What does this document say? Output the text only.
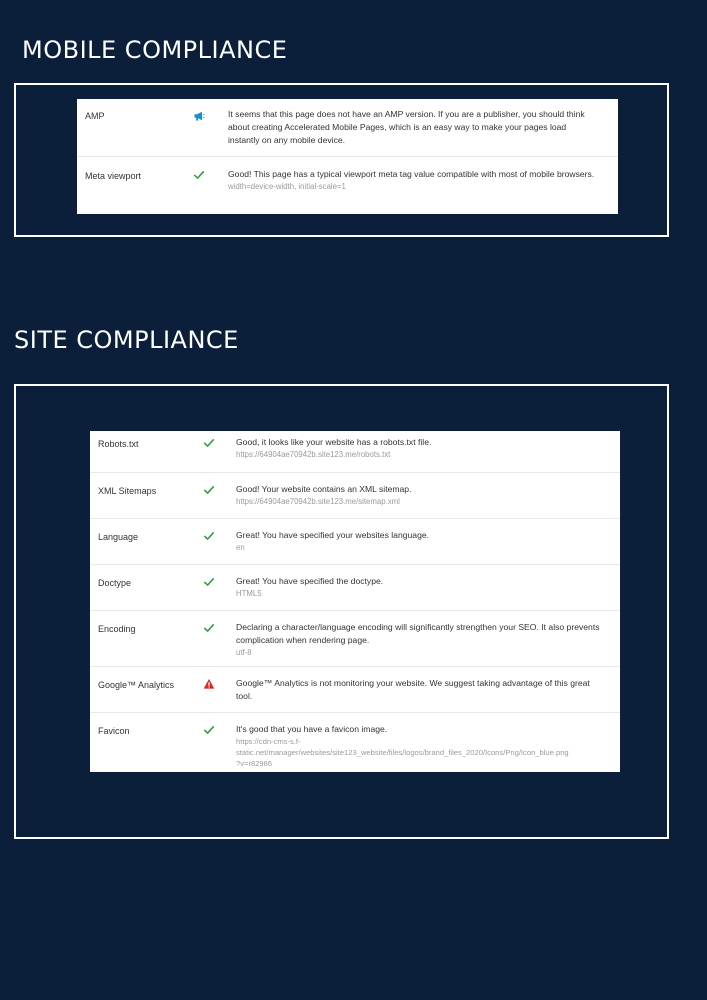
MOBILE COMPLIANCE
AMP	It seems that this page does not have an AMP version. If you are a publisher, you should think about creating Accelerated Mobile Pages, which is an easy way to make your pages load instantly on any mobile device.
Meta viewport	Good! This page has a typical viewport meta tag value compatible with most of mobile browsers.
width=device-width, initial-scale=1
SITE COMPLIANCE
Robots.txt	Good, it looks like your website has a robots.txt file.
https://64904ae70942b.site123.me/robots.txt
XML Sitemaps	Good! Your website contains an XML sitemap.
https://64904ae70942b.site123.me/sitemap.xml
Language	Great! You have specified your websites language.
en
Doctype	Great! You have specified the doctype.
HTML5
Encoding	Declaring a character/language encoding will significantly strengthen your SEO. It also prevents complication when rendering page.
utf-8
Google™ Analytics	Google™ Analytics is not monitoring your website. We suggest taking advantage of this great tool.
Favicon	It's good that you have a favicon image.
https://cdn-cms-s.f-
static.net/manager/websites/site123_website/files/logos/brand_files_2020/Icons/Png/Icon_blue.png
?v=r82986
